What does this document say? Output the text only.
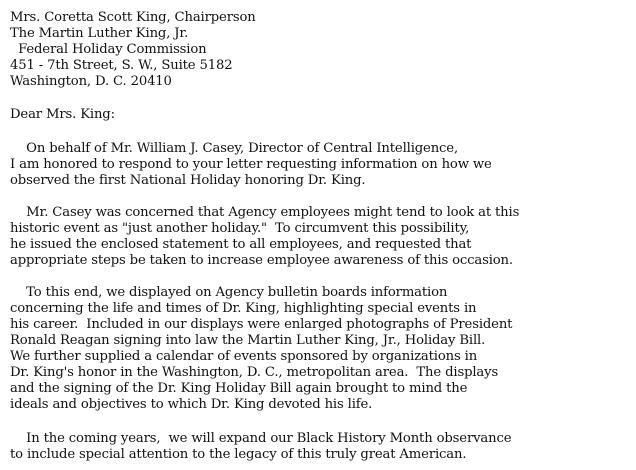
Mrs. Coretta Scott King, Chairperson
The Martin Luther King, Jr.
Federal Holiday Commission
451 - 7th Street, S. W., Suite 5182
Washington, D. C. 20410
Dear Mrs. King:
On behalf of Mr. William J. Casey, Director of Central Intelligence,
I am honored to respond to your letter requesting information on how we
observed the first National Holiday honoring Dr. King.
Mr. Casey was concerned that Agency employees might tend to look at this
historic event as "just another holiday."  To circumvent this possibility,
he issued the enclosed statement to all employees, and requested that
appropriate steps be taken to increase employee awareness of this occasion.
To this end, we displayed on Agency bulletin boards information
concerning the life and times of Dr. King, highlighting special events in
his career.  Included in our displays were enlarged photographs of President
Ronald Reagan signing into law the Martin Luther King, Jr., Holiday Bill.
We further supplied a calendar of events sponsored by organizations in
Dr. King's honor in the Washington, D. C., metropolitan area.  The displays
and the signing of the Dr. King Holiday Bill again brought to mind the
ideals and objectives to which Dr. King devoted his life.
In the coming years,  we will expand our Black History Month observance
to include special attention to the legacy of this truly great American.
